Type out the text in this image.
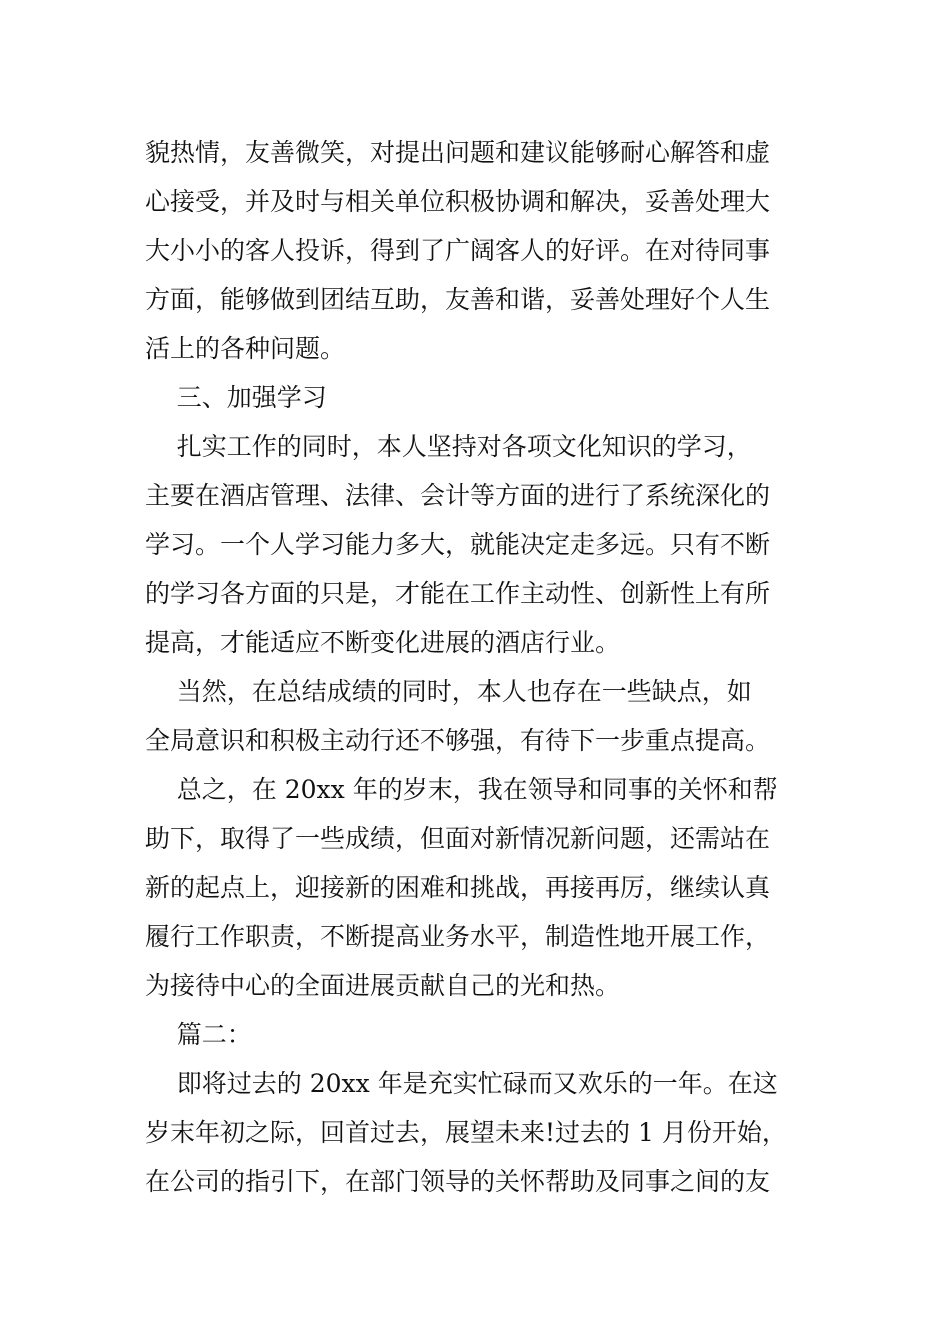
貌热情，友善微笑，对提出问题和建议能够耐心解答和虚
心接受，并及时与相关单位积极协调和解决，妥善处理大
大小小的客人投诉，得到了广阔客人的好评。在对待同事
方面，能够做到团结互助，友善和谐，妥善处理好个人生
活上的各种问题。
三、加强学习
扎实工作的同时，本人坚持对各项文化知识的学习，
主要在酒店管理、法律、会计等方面的进行了系统深化的
学习。一个人学习能力多大，就能决定走多远。只有不断
的学习各方面的只是，才能在工作主动性、创新性上有所
提高，才能适应不断变化进展的酒店行业。
当然，在总结成绩的同时，本人也存在一些缺点，如
全局意识和积极主动行还不够强，有待下一步重点提高。
总之，在 20xx 年的岁末，我在领导和同事的关怀和帮
助下，取得了一些成绩，但面对新情况新问题，还需站在
新的起点上，迎接新的困难和挑战，再接再厉，继续认真
履行工作职责，不断提高业务水平，制造性地开展工作，
为接待中心的全面进展贡献自己的光和热。
篇二：
即将过去的 20xx 年是充实忙碌而又欢乐的一年。在这
岁末年初之际，回首过去，展望未来!过去的 1 月份开始，
在公司的指引下，在部门领导的关怀帮助及同事之间的友
